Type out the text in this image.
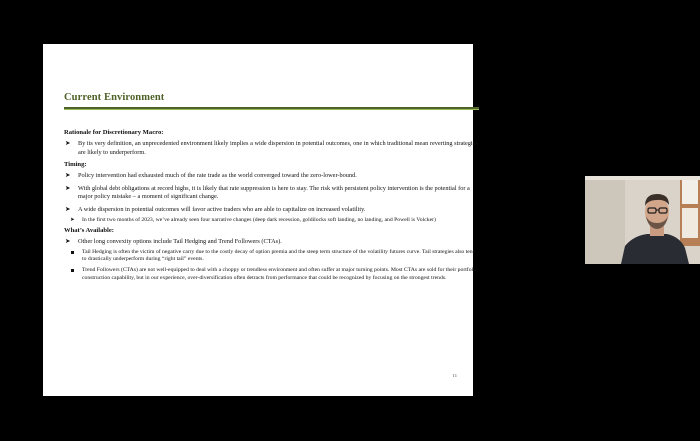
Current Environment
Rationale for Discretionary Macro:
➤ By its very definition, an unprecedented environment likely implies a wide dispersion in potential outcomes, one in which traditional mean reverting strategies are likely to underperform.
Timing:
➤ Policy intervention had exhausted much of the rate trade as the world converged toward the zero-lower-bound.
➤ With global debt obligations at record highs, it is likely that rate suppression is here to stay. The risk with persistent policy intervention is the potential for a major policy mistake – a moment of significant change.
➤ A wide dispersion in potential outcomes will favor active traders who are able to capitalize on increased volatility.
➤ In the first two months of 2023, we’ve already seen four narrative changes (deep dark recession, goldilocks soft landing, no landing, and Powell is Volcker)
What’s Available:
➤ Other long convexity options include Tail Hedging and Trend Followers (CTAs).
Tail Hedging is often the victim of negative carry due to the costly decay of option premia and the steep term structure of the volatility futures curve. Tail strategies also tend to drastically underperform during “right tail” events.
Trend Followers (CTAs) are not well-equipped to deal with a choppy or trendless environment and often suffer at major turning points. Most CTAs are sold for their portfolio construction capability, but in our experience, over-diversification often detracts from performance that could be recognized by focusing on the strongest trends.
11
